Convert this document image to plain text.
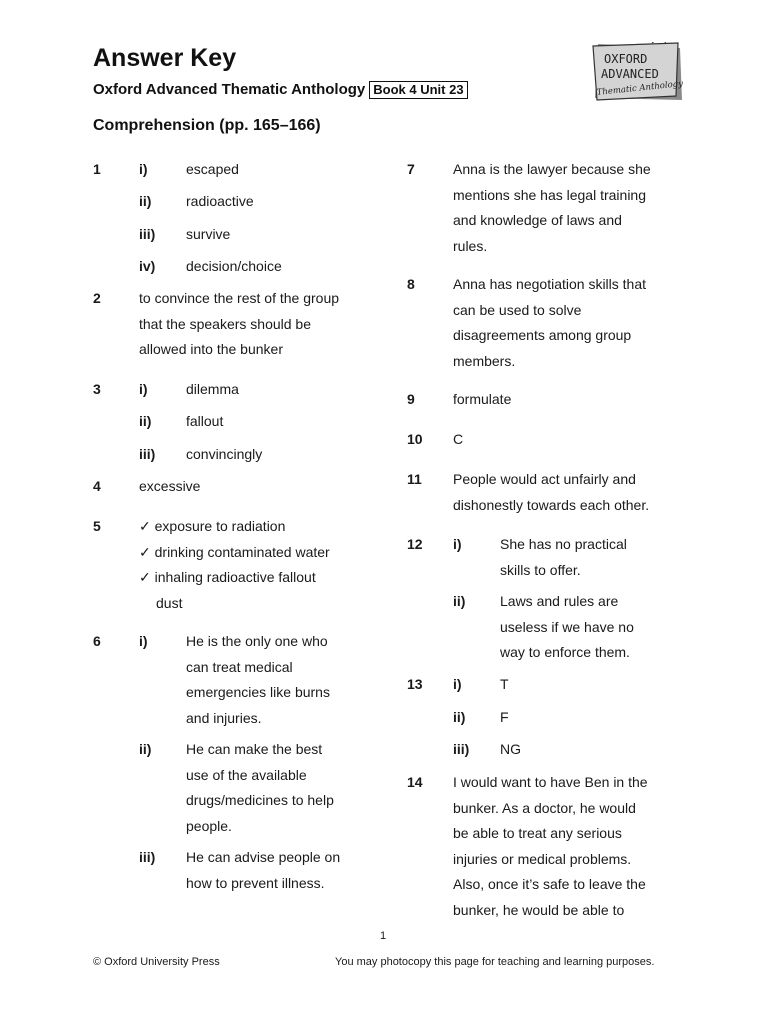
Answer Key
Oxford Advanced Thematic Anthology Book 4 Unit 23
Comprehension (pp. 165–166)
OXFORD
ADVANCED
Thematic Anthology
1	i)	escaped
ii) radioactive
iii) survive
iv) decision/choice
2	to convince the rest of the group
that the speakers should be
allowed into the bunker
3	i)	dilemma
ii) fallout
iii) convincingly
4	excessive
5	✓ exposure to radiation
✓ drinking contaminated water
✓ inhaling radioactive fallout
dust
6	i)	He is the only one who
can treat medical
emergencies like burns
and injuries.
ii) He can make the best
use of the available
drugs/medicines to help
people.
iii) He can advise people on
how to prevent illness.
7	Anna is the lawyer because she
mentions she has legal training
and knowledge of laws and
rules.
8	Anna has negotiation skills that
can be used to solve
disagreements among group
members.
9	formulate
10 C
11 People would act unfairly and
dishonestly towards each other.
12 i)	She has no practical
skills to offer.
ii) Laws and rules are
useless if we have no
way to enforce them.
13 i)	T
ii) F
iii) NG
14 I would want to have Ben in the
bunker. As a doctor, he would
be able to treat any serious
injuries or medical problems.
Also, once it’s safe to leave the
bunker, he would be able to
1
© Oxford University Press	You may photocopy this page for teaching and learning purposes.
